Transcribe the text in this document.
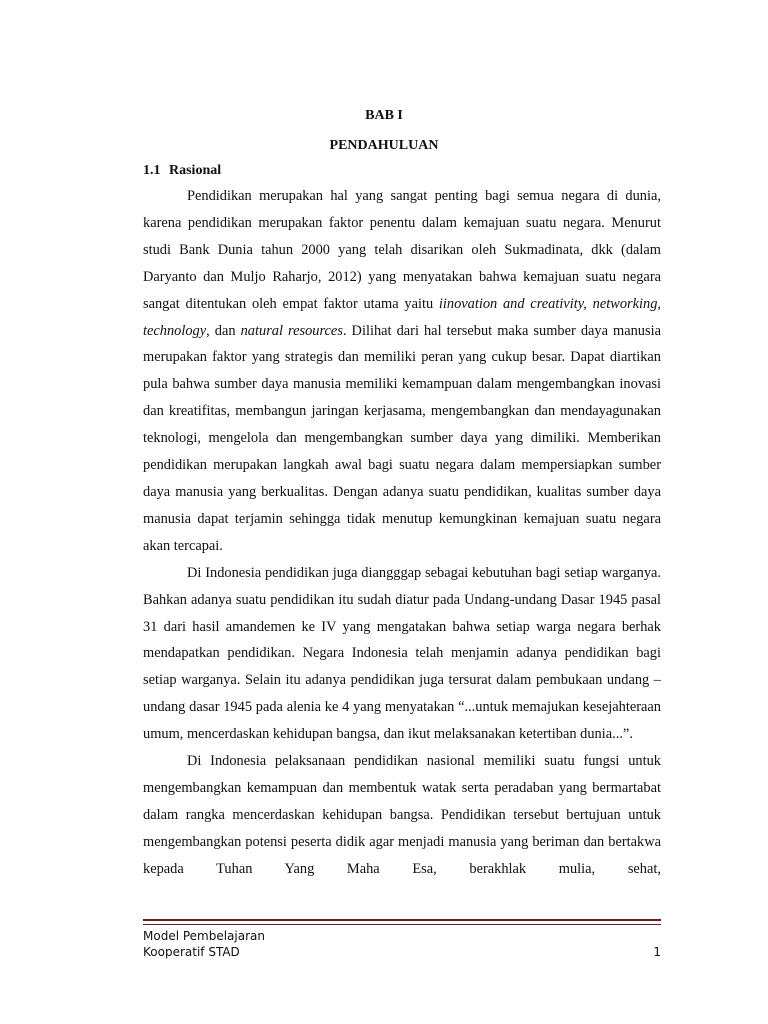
BAB I
PENDAHULUAN
1.1 Rasional

Pendidikan merupakan hal yang sangat penting bagi semua negara di dunia, karena pendidikan merupakan faktor penentu dalam kemajuan suatu negara. Menurut studi Bank Dunia tahun 2000 yang telah disarikan oleh Sukmadinata, dkk (dalam Daryanto dan Muljo Raharjo, 2012) yang menyatakan bahwa kemajuan suatu negara sangat ditentukan oleh empat faktor utama yaitu iinovation and creativity, networking, technology, dan natural resources. Dilihat dari hal tersebut maka sumber daya manusia merupakan faktor yang strategis dan memiliki peran yang cukup besar. Dapat diartikan pula bahwa sumber daya manusia memiliki kemampuan dalam mengembangkan inovasi dan kreatifitas, membangun jaringan kerjasama, mengembangkan dan mendayagunakan teknologi, mengelola dan mengembangkan sumber daya yang dimiliki. Memberikan pendidikan merupakan langkah awal bagi suatu negara dalam mempersiapkan sumber daya manusia yang berkualitas. Dengan adanya suatu pendidikan, kualitas sumber daya manusia dapat terjamin sehingga tidak menutup kemungkinan kemajuan suatu negara akan tercapai.

Di Indonesia pendidikan juga diangggap sebagai kebutuhan bagi setiap warganya. Bahkan adanya suatu pendidikan itu sudah diatur pada Undang-undang Dasar 1945 pasal 31 dari hasil amandemen ke IV yang mengatakan bahwa setiap warga negara berhak mendapatkan pendidikan. Negara Indonesia telah menjamin adanya pendidikan bagi setiap warganya. Selain itu adanya pendidikan juga tersurat dalam pembukaan undang –undang dasar 1945 pada alenia ke 4 yang menyatakan “...untuk memajukan kesejahteraan umum, mencerdaskan kehidupan bangsa, dan ikut melaksanakan ketertiban dunia...”.

Di Indonesia pelaksanaan pendidikan nasional memiliki suatu fungsi untuk mengembangkan kemampuan dan membentuk watak serta peradaban yang bermartabat dalam rangka mencerdaskan kehidupan bangsa. Pendidikan tersebut bertujuan untuk mengembangkan potensi peserta didik agar menjadi manusia yang beriman dan bertakwa kepada Tuhan Yang Maha Esa, berakhlak mulia, sehat,

Model Pembelajaran
Kooperatif STAD	1
